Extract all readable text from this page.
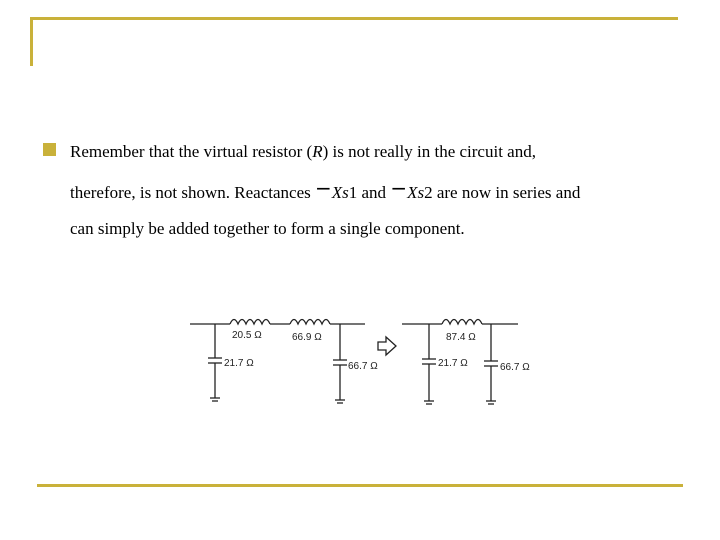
Remember that the virtual resistor (R) is not really in the circuit and,
therefore, is not shown. Reactances −Xs1 and −Xs2 are now in series and
can simply be added together to form a single component.
20.5 Ω	66.9 Ω
21.7 Ω	66.7 Ω
87.4 Ω
21.7 Ω	66.7 Ω
